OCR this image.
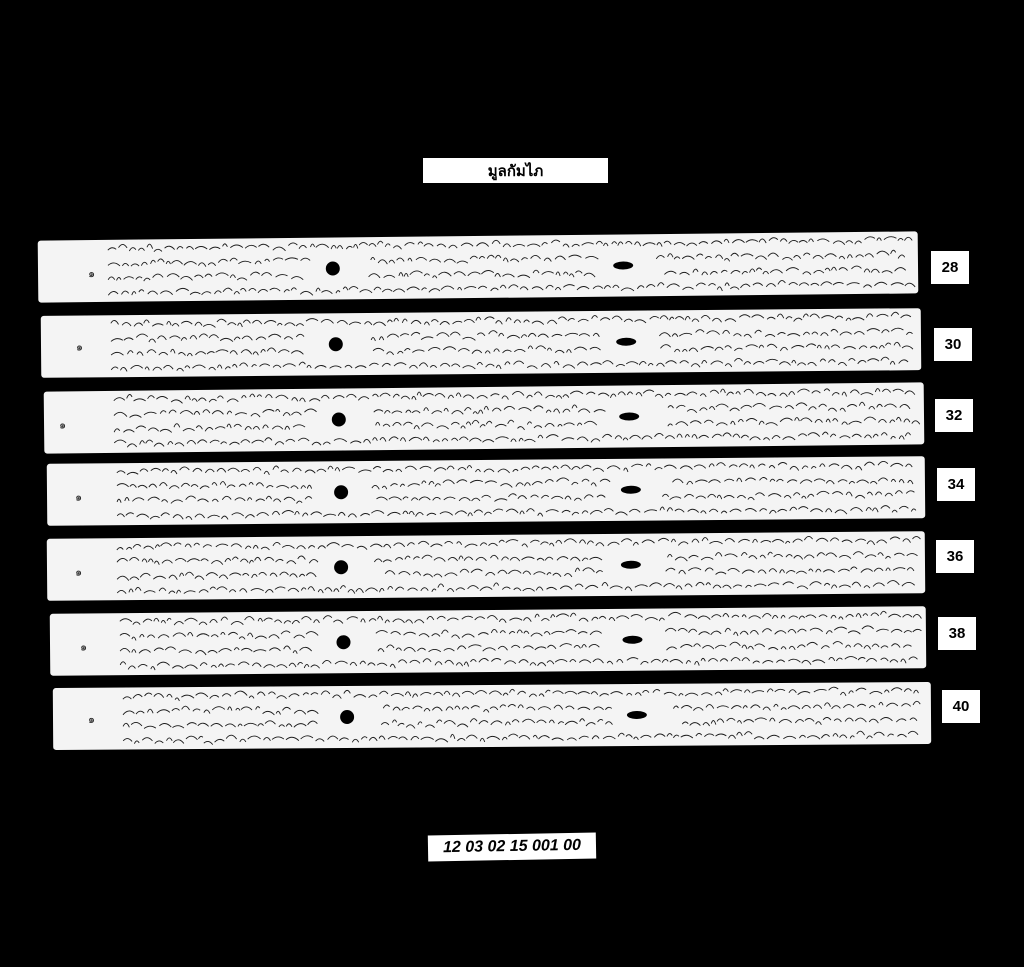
มูลกัมไภ
๑	28
๑	30
๑
32
๑
34
๑
36
๑
38
๑
40
12 03 02 15 001 00
